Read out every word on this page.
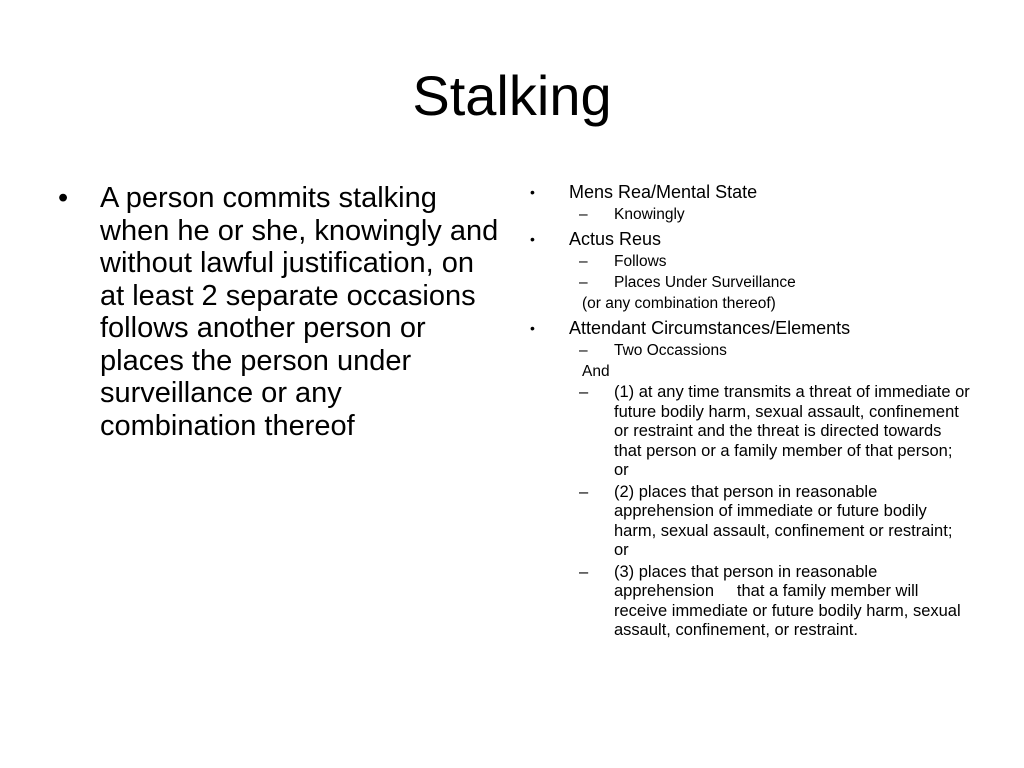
Stalking
•	A person commits stalking when he or she, knowingly and without lawful justification, on at least 2 separate occasions follows another person or places the person under surveillance or any combination thereof
•	Mens Rea/Mental State
–	Knowingly
•	Actus Reus
–	Follows
–	Places Under Surveillance
(or any combination thereof)
•	Attendant Circumstances/Elements
–	Two Occassions
And
–	(1) at any time transmits a threat of immediate or future bodily harm, sexual assault, confinement or restraint and the threat is directed towards that person or a family member of that person; or
–	(2) places that person in reasonable apprehension of immediate or future bodily harm, sexual assault, confinement or restraint; or
–	(3) places that person in reasonable apprehension     that a family member will receive immediate or future bodily harm, sexual assault, confinement, or restraint.
